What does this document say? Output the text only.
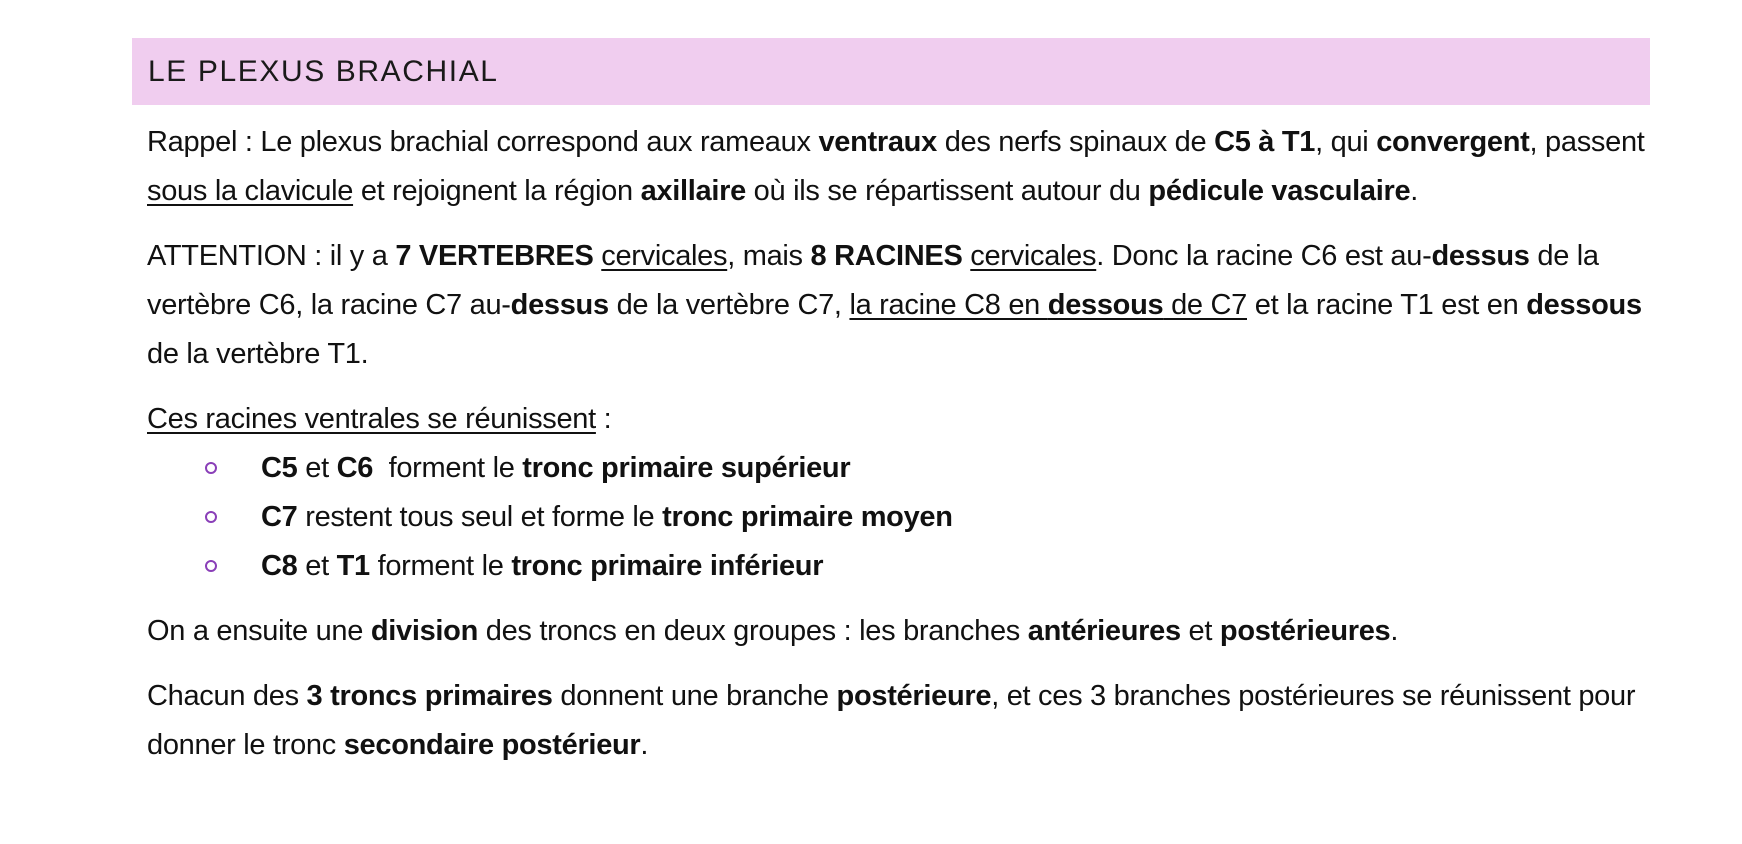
LE PLEXUS BRACHIAL

Rappel : Le plexus brachial correspond aux rameaux ventraux des nerfs spinaux de C5 à T1, qui convergent, passent sous la clavicule et rejoignent la région axillaire où ils se répartissent autour du pédicule vasculaire.

ATTENTION : il y a 7 VERTEBRES cervicales, mais 8 RACINES cervicales. Donc la racine C6 est au-dessus de la vertèbre C6, la racine C7 au-dessus de la vertèbre C7, la racine C8 en dessous de C7 et la racine T1 est en dessous de la vertèbre T1.

Ces racines ventrales se réunissent :

C5 et C6  forment le tronc primaire supérieur
C7 restent tous seul et forme le tronc primaire moyen
C8 et T1 forment le tronc primaire inférieur

On a ensuite une division des troncs en deux groupes : les branches antérieures et postérieures.

Chacun des 3 troncs primaires donnent une branche postérieure, et ces 3 branches postérieures se réunissent pour donner le tronc secondaire postérieur.
